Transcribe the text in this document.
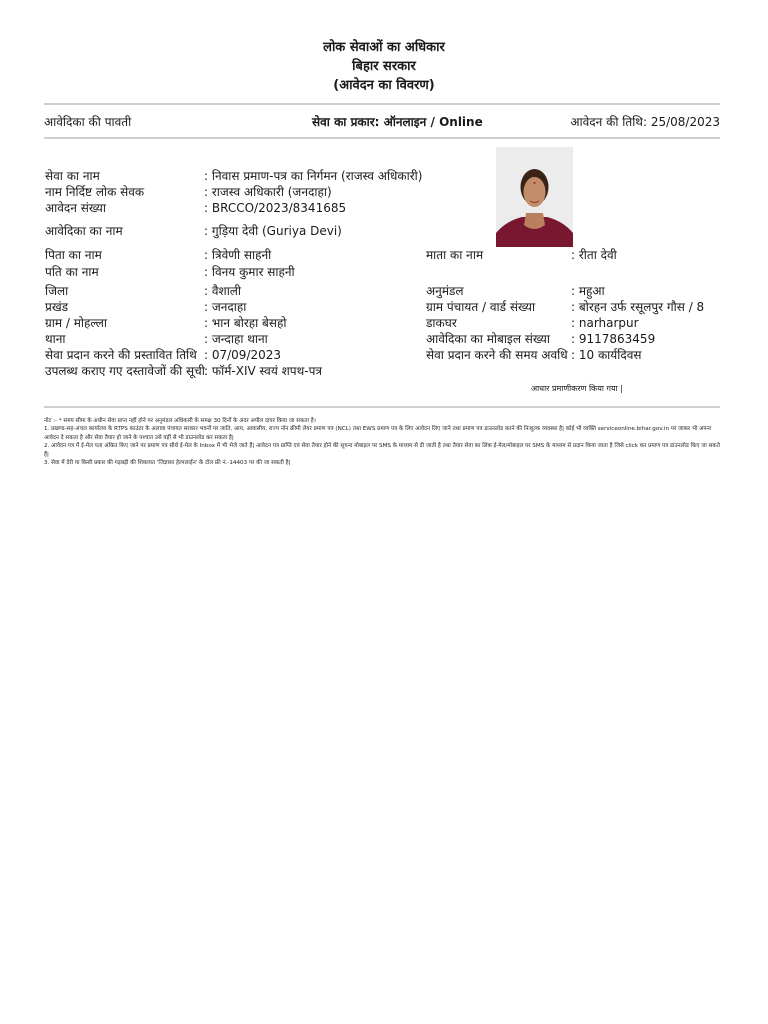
लोक सेवाओं का अधिकार
बिहार सरकार
(आवेदन का विवरण)
आवेदिका की पावती	सेवा का प्रकार: ऑनलाइन / Online	आवेदन की तिथि: 25/08/2023
सेवा का नाम	: निवास प्रमाण-पत्र का निर्गमन (राजस्व अधिकारी)
नाम निर्दिष्ट लोक सेवक	: राजस्व अधिकारी (जनदाहा)
आवेदन संख्या	: BRCCO/2023/8341685
आवेदिका का नाम	: गुड़िया देवी (Guriya Devi)
पिता का नाम	: त्रिवेणी साहनी
पति का नाम	: विनय कुमार साहनी
जिला	: वैशाली
प्रखंड	: जनदाहा
ग्राम / मोहल्ला	: भान बोरहा बेसहो
थाना	: जन्दाहा थाना
सेवा प्रदान करने की प्रस्तावित तिथि : 07/09/2023
उपलब्ध कराए गए दस्तावेजों की सूची : फॉर्म-XIV स्वयं शपथ-पत्र
माता का नाम	: रीता देवी
अनुमंडल	: महुआ
ग्राम पंचायत / वार्ड संख्या	: बोरहन उर्फ रसूलपुर गौस / 8
डाकघर	: narharpur
आवेदिका का मोबाइल संख्या : 9117863459
सेवा प्रदान करने की समय अवधि : 10 कार्यदिवस
आधार प्रमाणीकरण किया गया |

नोट :- * समय सीमा के अधीन सेवा प्राप्त नहीं होने पर अनुमंडल अधिकारी के समक्ष 30 दिनों के अंदर अपील दायर किया जा सकता है।

1. प्रखण्ड-सह-अंचल कार्यालय के RTPS काउंटर के अलावा पंचायत सरकार भवनों पर जाति, आय, आवासीय, राज्य नॉन क्रीमी लेयर प्रमाण पत्र (NCL) तथा EWS प्रमाण पत्र के लिए आवेदन लिए जाने तथा प्रमाण पत्र डाउनलोड करने की निःशुल्क व्यवस्था है| कोई भी व्यक्ति serviceonline.bihar.gov.in पर जाकर भी अपना आवेदन दे सकता है और सेवा तैयार हो जाने के पश्चात उसे वहीं से भी डाउनलोड कर सकता है|

2. आवेदन पत्र में ई-मेल पता अंकित किए जाने पर प्रमाण पत्र सीधे ई-मेल के Inbox में भी भेजे जाते हैं| आवेदन पत्र प्राप्ति एवं सेवा तैयार होने की सूचना मोबाइल पर SMS के माध्यम से दी जाती है तथा तैयार सेवा का लिंक ई-मेल/मोबाइल पर SMS के माध्यम से प्रदान किया जाता है जिसे click कर प्रमाण पत्र डाउनलोड किए जा सकते हैं|

3. सेवा में देरी या किसी प्रकार की गड़बड़ी की शिकायत 'जिज्ञासा हेल्पलाईन' के टॉल फ्री नं.-14403 पर की जा सकती है|
